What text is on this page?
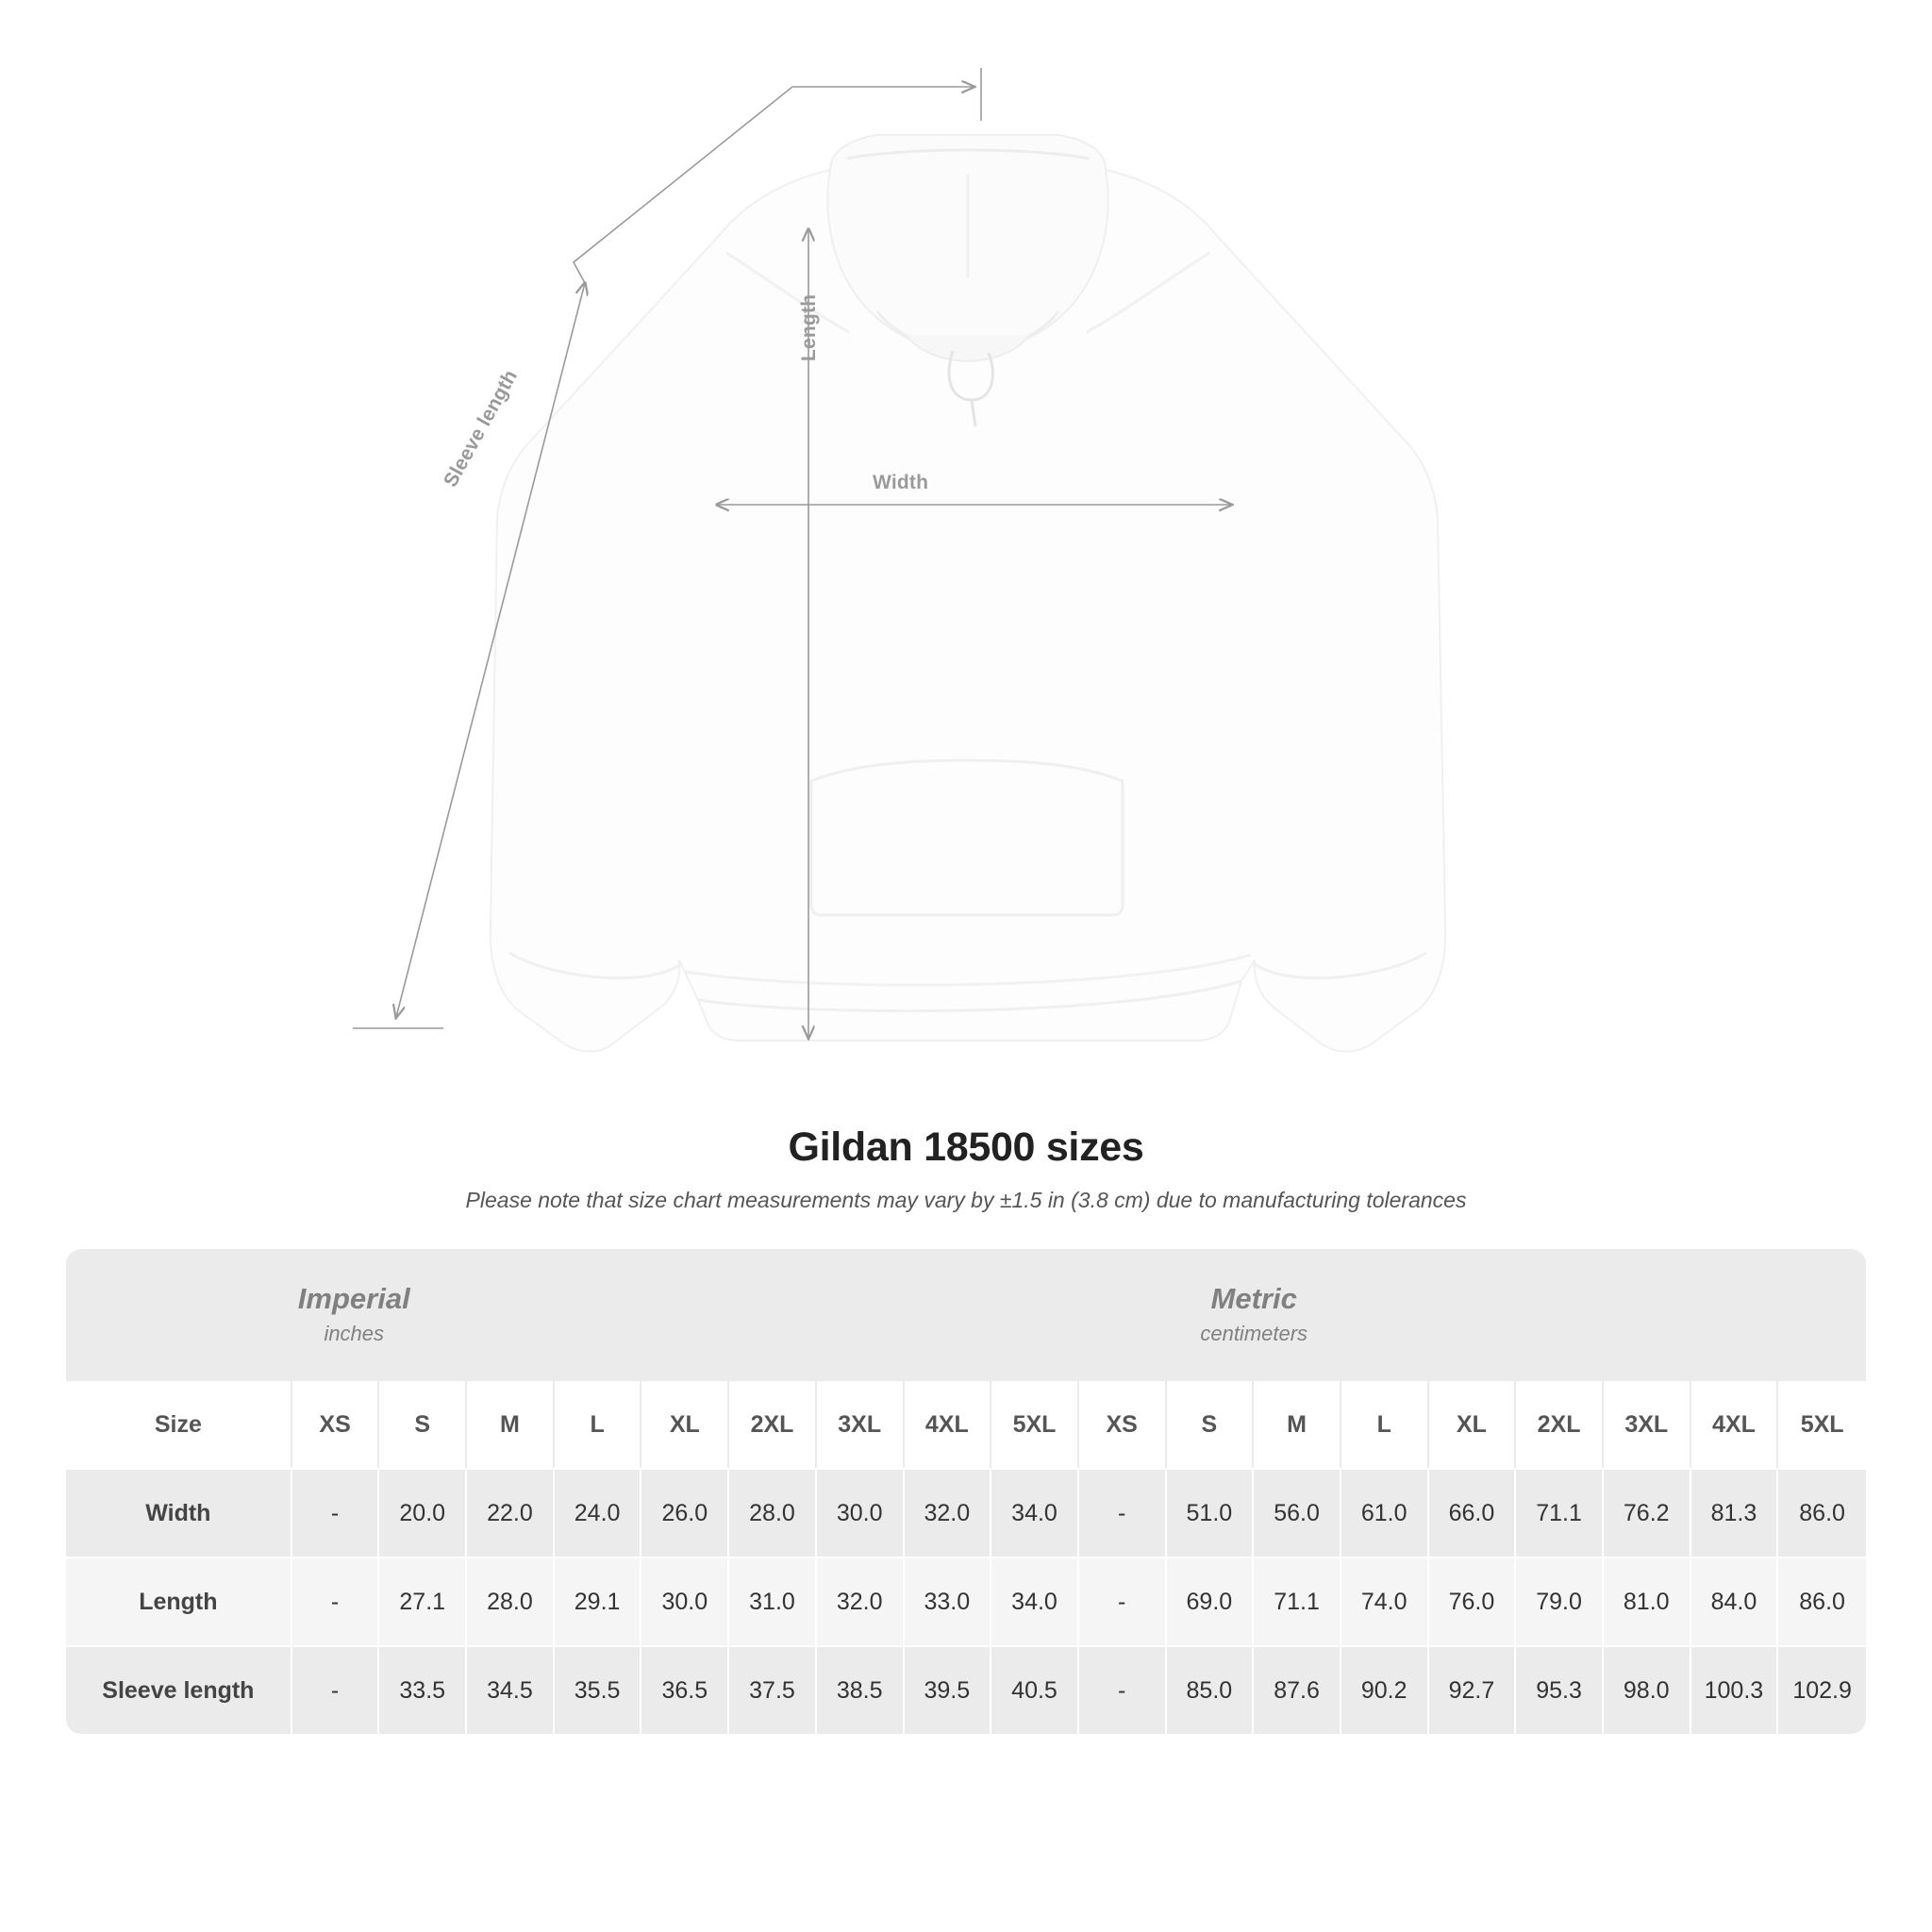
Width
Length
Sleeve length
Gildan 18500 sizes

Please note that size chart measurements may vary by ±1.5 in (3.8 cm) due to manufacturing tolerances

Imperial
inches

Metric
centimeters

Size	XS	S	M	L	XL	2XL	3XL	4XL	5XL	XS	S	M	L	XL	2XL	3XL	4XL	5XL
Width	-	20.0	22.0	24.0	26.0	28.0	30.0	32.0	34.0	-	51.0	56.0	61.0	66.0	71.1	76.2	81.3	86.0
Length	-	27.1	28.0	29.1	30.0	31.0	32.0	33.0	34.0	-	69.0	71.1	74.0	76.0	79.0	81.0	84.0	86.0
Sleeve length	-	33.5	34.5	35.5	36.5	37.5	38.5	39.5	40.5	-	85.0	87.6	90.2	92.7	95.3	98.0	100.3	102.9
